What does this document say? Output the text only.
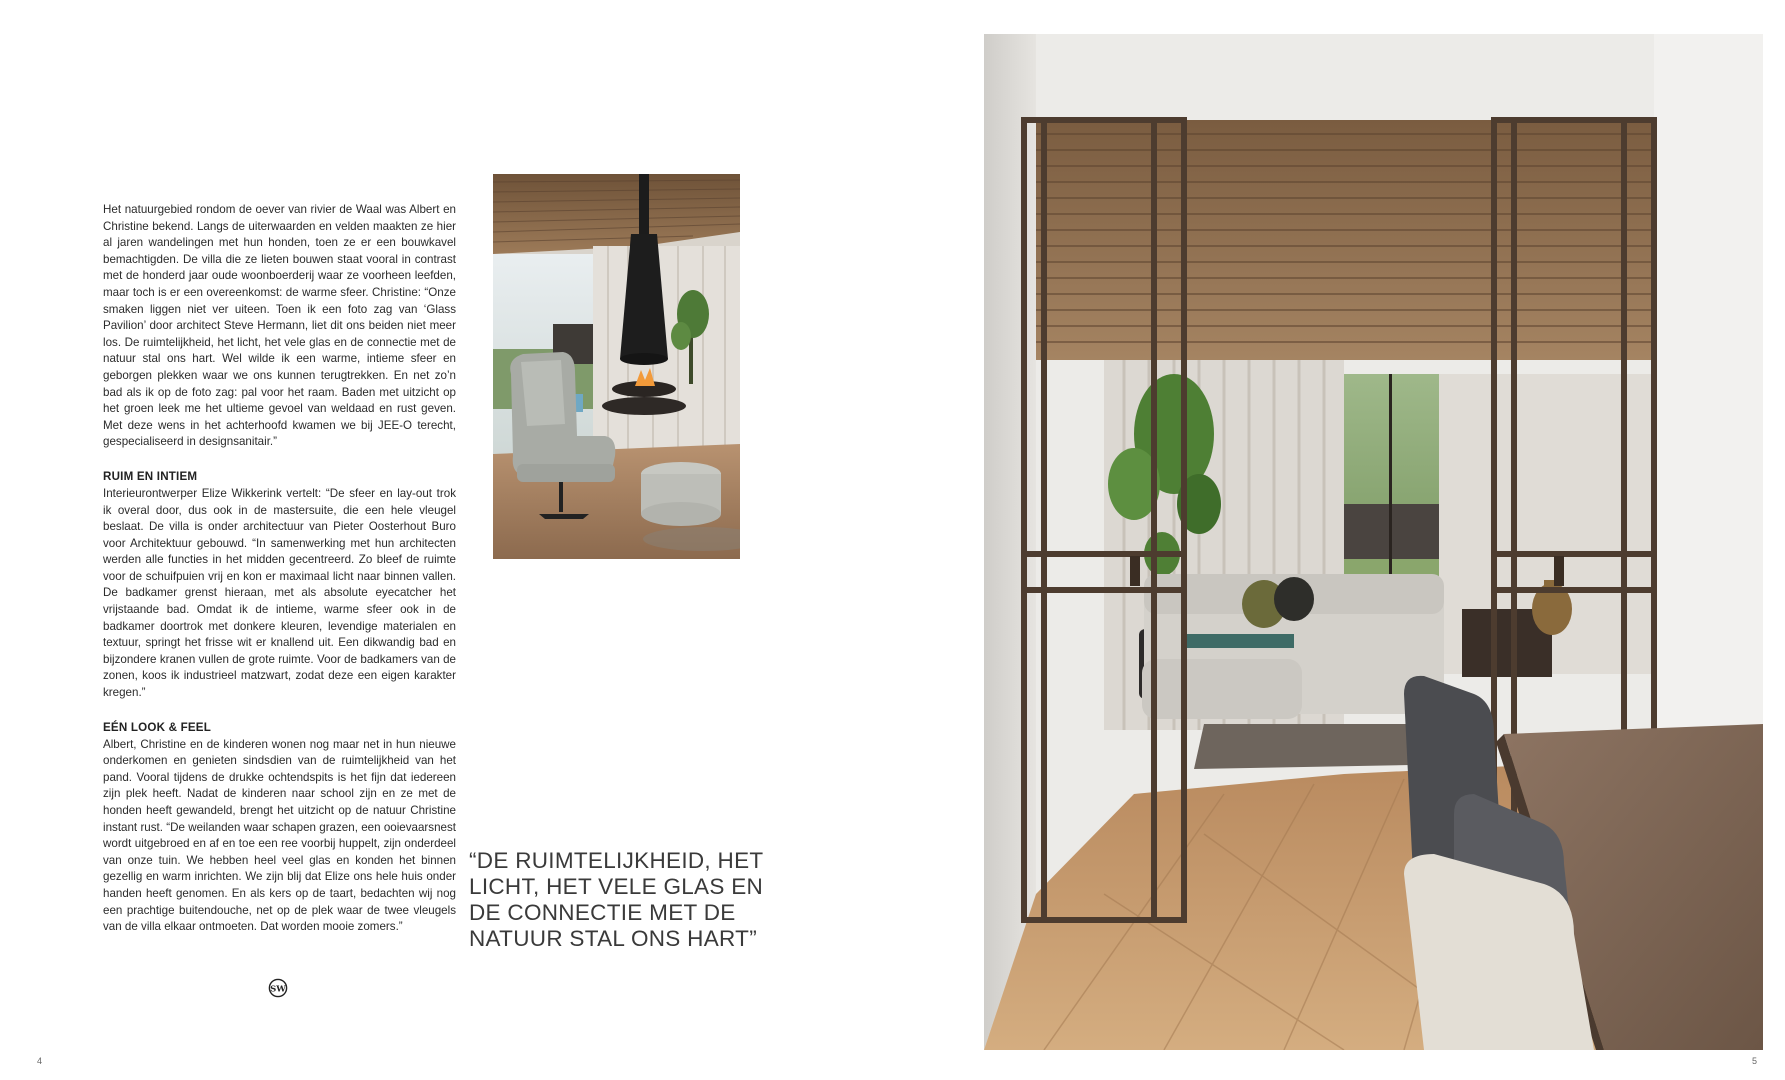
Het natuurgebied rondom de oever van rivier de Waal was Albert en Christine bekend. Langs de uiterwaarden en velden maakten ze hier al jaren wandelingen met hun honden, toen ze er een bouwkavel bemachtigden. De villa die ze lieten bouwen staat vooral in contrast met de honderd jaar oude woonboerderij waar ze voorheen leefden, maar toch is er een overeenkomst: de warme sfeer. Christine: “Onze smaken liggen niet ver uiteen. Toen ik een foto zag van ‘Glass Pavilion’ door architect Steve Hermann, liet dit ons beiden niet meer los. De ruimtelijkheid, het licht, het vele glas en de connectie met de natuur stal ons hart. Wel wilde ik een warme, intieme sfeer en geborgen plekken waar we ons kunnen terugtrekken. En net zo’n bad als ik op de foto zag: pal voor het raam. Baden met uitzicht op het groen leek me het ultieme gevoel van weldaad en rust geven. Met deze wens in het achterhoofd kwamen we bij JEE-O terecht, gespecialiseerd in designsanitair.”

RUIM EN INTIEM

Interieurontwerper Elize Wikkerink vertelt: “De sfeer en lay-out trok ik overal door, dus ook in de mastersuite, die een hele vleugel beslaat. De villa is onder architectuur van Pieter Oosterhout Buro voor Architektuur gebouwd. “In samenwerking met hun architecten werden alle functies in het midden gecentreerd. Zo bleef de ruimte voor de schuifpuien vrij en kon er maximaal licht naar binnen vallen. De badkamer grenst hieraan, met als absolute eyecatcher het vrijstaande bad. Omdat ik de intieme, warme sfeer ook in de badkamer doortrok met donkere kleuren, levendige materialen en textuur, springt het frisse wit er knallend uit. Een dikwandig bad en bijzondere kranen vullen de grote ruimte. Voor de badkamers van de zonen, koos ik industrieel matzwart, zodat deze een eigen karakter kregen.”

EÉN LOOK & FEEL

Albert, Christine en de kinderen wonen nog maar net in hun nieuwe onderkomen en genieten sindsdien van de ruimtelijkheid van het pand. Vooral tijdens de drukke ochtendspits is het fijn dat iedereen zijn plek heeft. Nadat de kinderen naar school zijn en ze met de honden heeft gewandeld, brengt het uitzicht op de natuur Christine instant rust. “De weilanden waar schapen grazen, een ooievaarsnest wordt uitgebroed en af en toe een ree voorbij huppelt, zijn onderdeel van onze tuin. We hebben heel veel glas en konden het binnen gezellig en warm inrichten. We zijn blij dat Elize ons hele huis onder handen heeft genomen. En als kers op de taart, bedachten wij nog een prachtige buitendouche, net op de plek waar de twee vleugels van de villa elkaar ontmoeten. Dat worden mooie zomers.”

“DE RUIMTELIJKHEID, HET LICHT, HET VELE GLAS EN DE CONNECTIE MET DE NATUUR STAL ONS HART”
SW
4	5
